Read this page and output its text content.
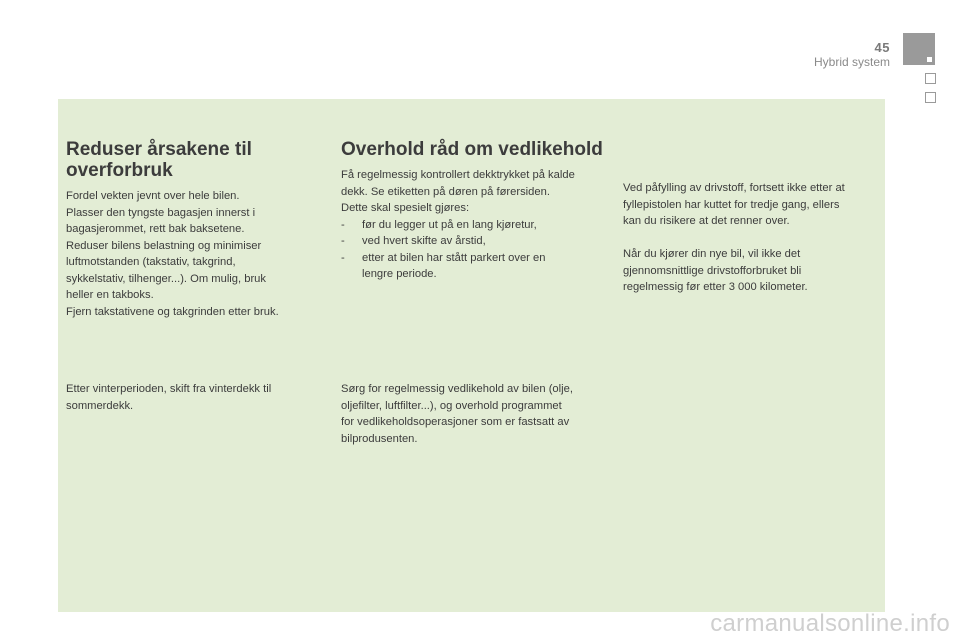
45
Hybrid system
Reduser årsakene til overforbruk

Fordel vekten jevnt over hele bilen.
Plasser den tyngste bagasjen innerst i
bagasjerommet, rett bak baksetene.
Reduser bilens belastning og minimiser
luftmotstanden (takstativ, takgrind,
sykkelstativ, tilhenger...). Om mulig, bruk
heller en takboks.
Fjern takstativene og takgrinden etter bruk.

Etter vinterperioden, skift fra vinterdekk til
sommerdekk.

Overhold råd om vedlikehold

Få regelmessig kontrollert dekktrykket på kalde
dekk. Se etiketten på døren på førersiden.
Dette skal spesielt gjøres:

- før du legger ut på en lang kjøretur,
- ved hvert skifte av årstid,
- etter at bilen har stått parkert over en
lengre periode.

Sørg for regelmessig vedlikehold av bilen (olje,
oljefilter, luftfilter...), og overhold programmet
for vedlikeholdsoperasjoner som er fastsatt av
bilprodusenten.

Ved påfylling av drivstoff, fortsett ikke etter at
fyllepistolen har kuttet for tredje gang, ellers
kan du risikere at det renner over.

Når du kjører din nye bil, vil ikke det
gjennomsnittlige drivstofforbruket bli
regelmessig før etter 3 000 kilometer.

carmanualsonline.info
